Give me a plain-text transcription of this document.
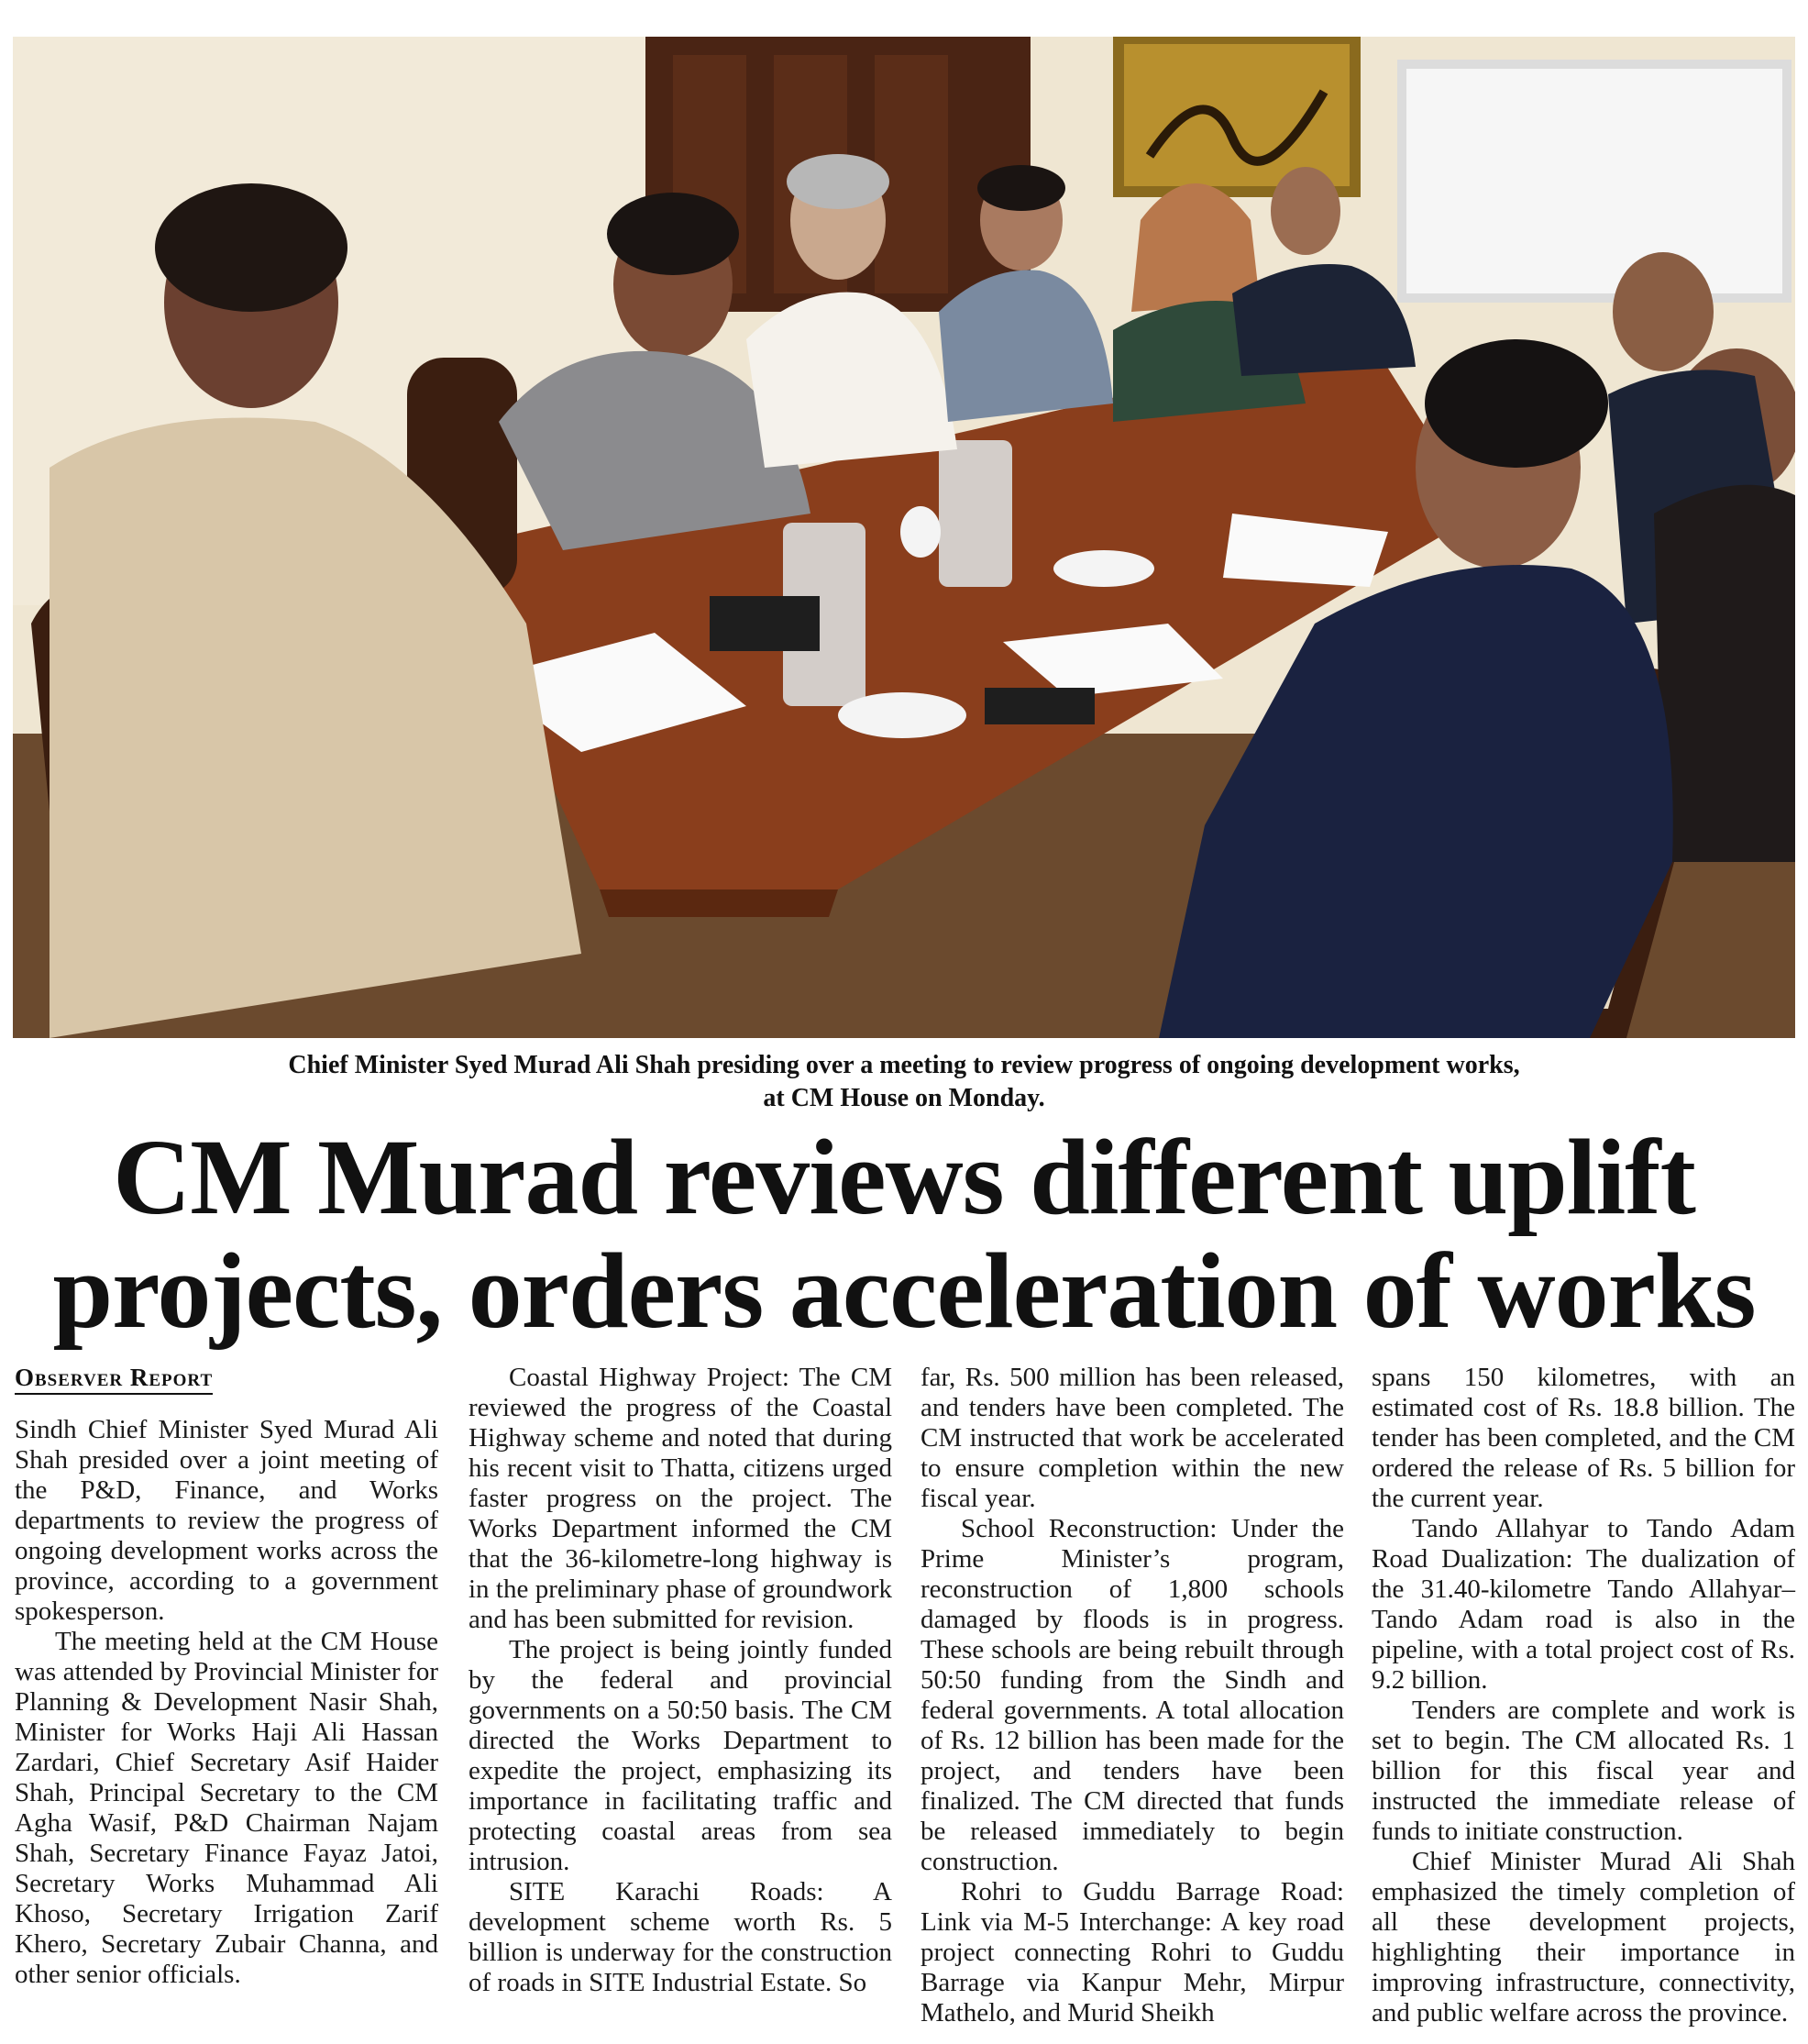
Chief Minister Syed Murad Ali Shah presiding over a meeting to review progress of ongoing development works,
at CM House on Monday.
CM Murad reviews different uplift
projects, orders acceleration of works
Observer Report

Sindh Chief Minister Syed Murad Ali Shah presided over a joint meeting of the P&D, Finance, and Works departments to review the progress of ongoing development works across the province, according to a government spokesperson.

The meeting held at the CM House was attended by Provincial Minister for Planning & Development Nasir Shah, Minister for Works Haji Ali Hassan Zardari, Chief Secretary Asif Haider Shah, Principal Secretary to the CM Agha Wasif, P&D Chairman Najam Shah, Secretary Finance Fayaz Jatoi, Secretary Works Muhammad Ali Khoso, Secretary Irrigation Zarif Khero, Secretary Zubair Channa, and other senior officials.

Coastal Highway Project: The CM reviewed the progress of the Coastal Highway scheme and noted that during his recent visit to Thatta, citizens urged faster progress on the project. The Works Department informed the CM that the 36-kilometre-long highway is in the preliminary phase of groundwork and has been submitted for revision.

The project is being jointly funded by the federal and provincial governments on a 50:50 basis. The CM directed the Works Department to expedite the project, emphasizing its importance in facilitating traffic and protecting coastal areas from sea intrusion.

SITE Karachi Roads: A development scheme worth Rs. 5 billion is underway for the construction of roads in SITE Industrial Estate. So

far, Rs. 500 million has been released, and tenders have been completed. The CM instructed that work be accelerated to ensure completion within the new fiscal year.

School Reconstruction: Under the Prime Minister’s program, reconstruction of 1,800 schools damaged by floods is in progress. These schools are being rebuilt through 50:50 funding from the Sindh and federal governments. A total allocation of Rs. 12 billion has been made for the project, and tenders have been finalized. The CM directed that funds be released immediately to begin construction.

Rohri to Guddu Barrage Road: Link via M-5 Interchange: A key road project connecting Rohri to Guddu Barrage via Kanpur Mehr, Mirpur Mathelo, and Murid Sheikh

spans 150 kilometres, with an estimated cost of Rs. 18.8 billion. The tender has been completed, and the CM ordered the release of Rs. 5 billion for the current year.

Tando Allahyar to Tando Adam Road Dualization: The dualization of the 31.40-kilometre Tando Allahyar–Tando Adam road is also in the pipeline, with a total project cost of Rs. 9.2 billion.

Tenders are complete and work is set to begin. The CM allocated Rs. 1 billion for this fiscal year and instructed the immediate release of funds to initiate construction.

Chief Minister Murad Ali Shah emphasized the timely completion of all these development projects, highlighting their importance in improving infrastructure, connectivity, and public welfare across the province.
